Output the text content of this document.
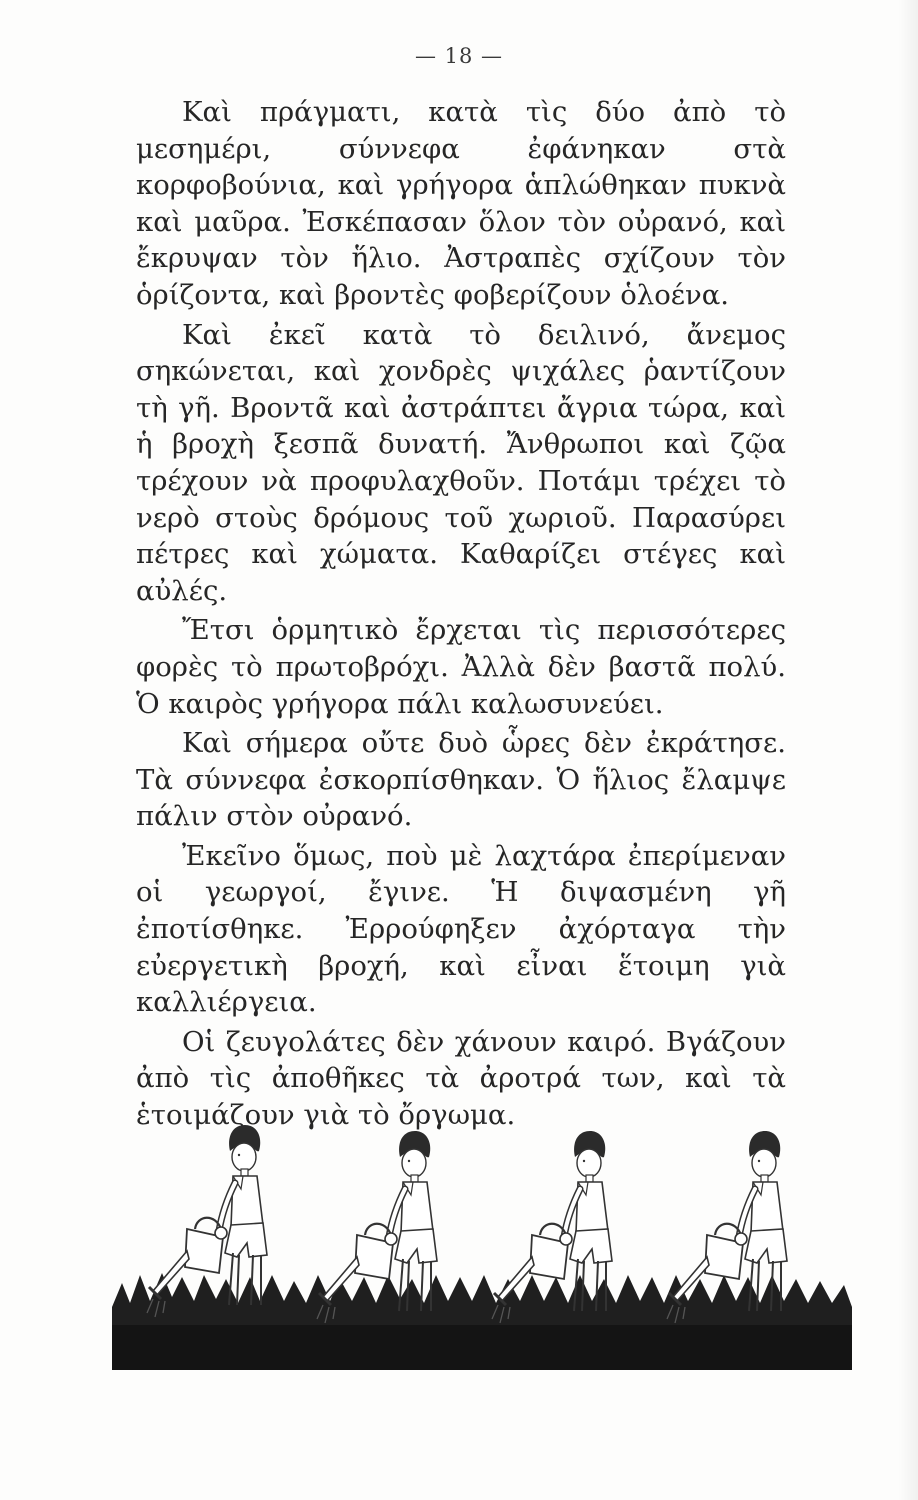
— 18 —

Καὶ πράγματι, κατὰ τὶς δύο ἀπὸ τὸ μεσημέρι, σύννεφα ἐφάνηκαν στὰ κορφοβούνια, καὶ γρήγορα ἁπλώθηκαν πυκνὰ καὶ μαῦρα. Ἐσκέπασαν ὅλον τὸν οὐρανό, καὶ ἔκρυψαν τὸν ἥλιο. Ἀστραπὲς σχίζουν τὸν ὁρίζοντα, καὶ βροντὲς φοβερίζουν ὁλοένα.

Καὶ ἐκεῖ κατὰ τὸ δειλινό, ἄνεμος σηκώνεται, καὶ χονδρὲς ψιχάλες ῥαντίζουν τὴ γῆ. Βροντᾶ καὶ ἀστράπτει ἄγρια τώρα, καὶ ἡ βροχὴ ξεσπᾶ δυνατή. Ἄνθρωποι καὶ ζῷα τρέχουν νὰ προφυλαχθοῦν. Ποτάμι τρέχει τὸ νερὸ στοὺς δρόμους τοῦ χωριοῦ. Παρασύρει πέτρες καὶ χώματα. Καθαρίζει στέγες καὶ αὐλές.

Ἔτσι ὁρμητικὸ ἔρχεται τὶς περισσότερες φορὲς τὸ πρωτοβρόχι. Ἀλλὰ δὲν βαστᾶ πολύ. Ὁ καιρὸς γρήγορα πάλι καλωσυνεύει.

Καὶ σήμερα οὔτε δυὸ ὧρες δὲν ἐκράτησε. Τὰ σύννεφα ἐσκορπίσθηκαν. Ὁ ἥλιος ἔλαμψε πάλιν στὸν οὐρανό.

Ἐκεῖνο ὅμως, ποὺ μὲ λαχτάρα ἐπερίμεναν οἱ γεωργοί, ἔγινε. Ἡ διψασμένη γῆ ἐποτίσθηκε. Ἐρρούφηξεν ἀχόρταγα τὴν εὐεργετικὴ βροχή, καὶ εἶναι ἕτοιμη γιὰ καλλιέργεια.

Οἱ ζευγολάτες δὲν χάνουν καιρό. Βγάζουν ἀπὸ τὶς ἀποθῆκες τὰ ἀροτρά των, καὶ τὰ ἑτοιμάζουν γιὰ τὸ ὄργωμα.
